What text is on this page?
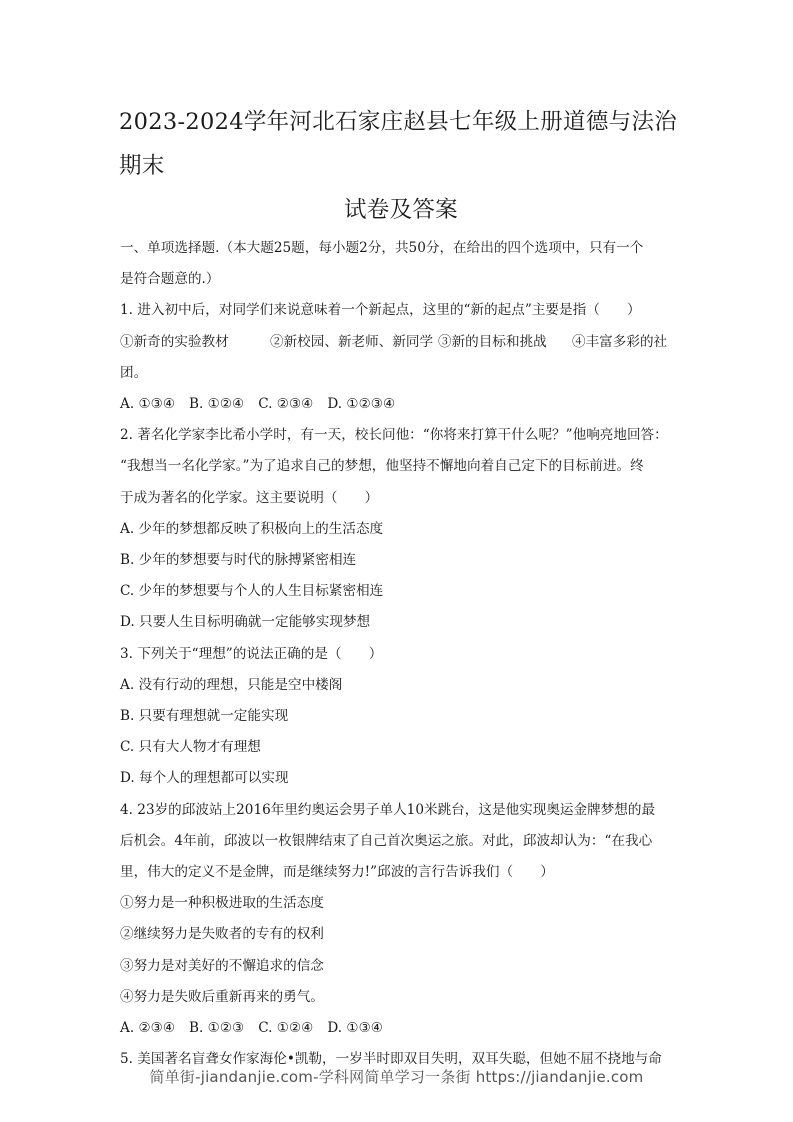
2023-2024学年河北石家庄赵县七年级上册道德与法治期末
试卷及答案
一、单项选择题.（本大题25题，每小题2分，共50分，在给出的四个选项中，只有一个
是符合题意的.）
1. 进入初中后，对同学们来说意味着一个新起点，这里的“新的起点”主要是指（　　）
①新奇的实验教材	②新校园、新老师、新同学 ③新的目标和挑战 ④丰富多彩的社
团。
A. ①③④ B. ①②④ C. ②③④ D. ①②③④
2. 著名化学家李比希小学时，有一天，校长问他：“你将来打算干什么呢？”他响亮地回答：
“我想当一名化学家。”为了追求自己的梦想，他坚持不懈地向着自己定下的目标前进。终
于成为著名的化学家。这主要说明（　　）
A. 少年的梦想都反映了积极向上的生活态度
B. 少年的梦想要与时代的脉搏紧密相连
C. 少年的梦想要与个人的人生目标紧密相连
D. 只要人生目标明确就一定能够实现梦想
3. 下列关于“理想”的说法正确的是（　　）
A. 没有行动的理想，只能是空中楼阁
B. 只要有理想就一定能实现
C. 只有大人物才有理想
D. 每个人的理想都可以实现
4. 23岁的邱波站上2016年里约奥运会男子单人10米跳台，这是他实现奥运金牌梦想的最
后机会。4年前，邱波以一枚银牌结束了自己首次奥运之旅。对此，邱波却认为：“在我心
里，伟大的定义不是金牌，而是继续努力!”邱波的言行告诉我们（　　）
①努力是一种积极进取的生活态度
②继续努力是失败者的专有的权利
③努力是对美好的不懈追求的信念
④努力是失败后重新再来的勇气。
A. ②③④ B. ①②③ C. ①②④ D. ①③④
5. 美国著名盲聋女作家海伦•凯勒，一岁半时即双目失明，双耳失聪，但她不屈不挠地与命
简单街-jiandanjie.com-学科网简单学习一条街 https://jiandanjie.com
